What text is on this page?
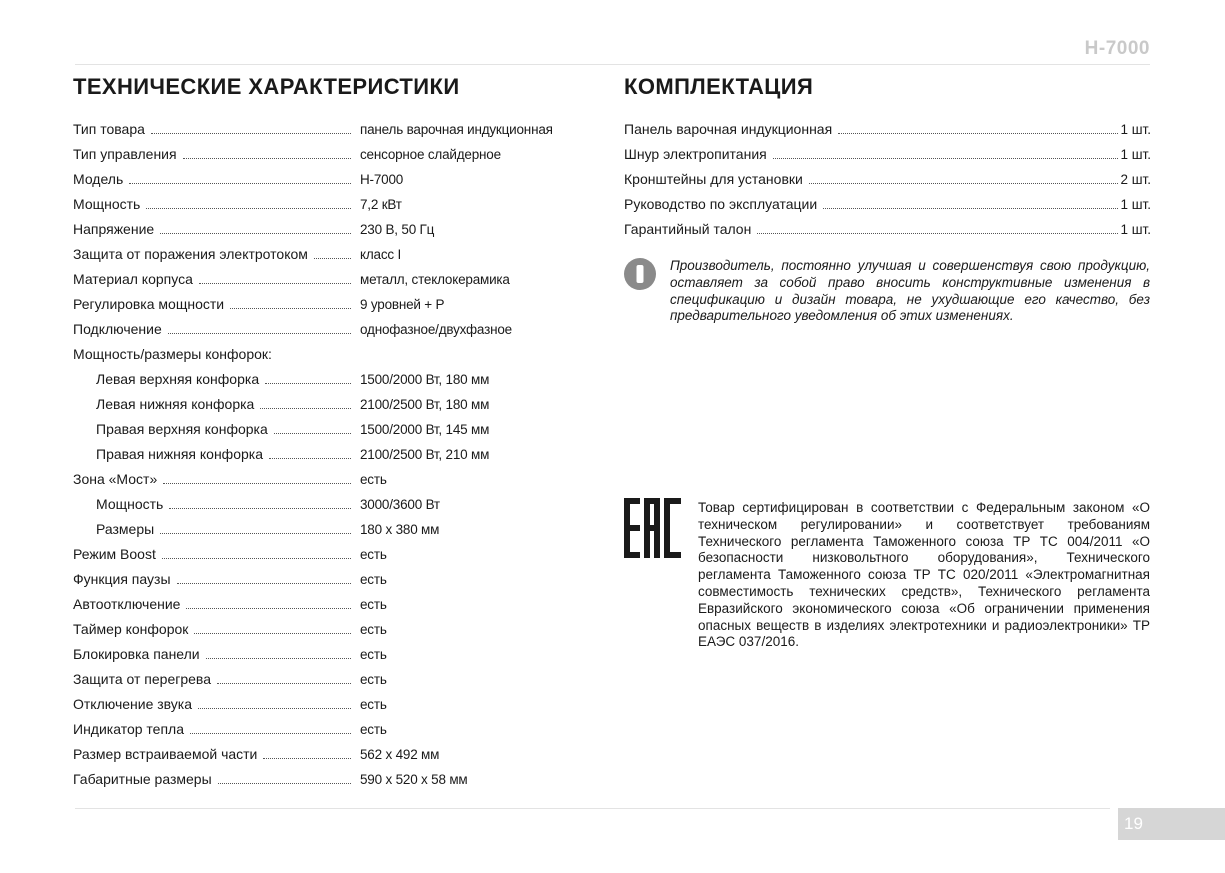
H-7000
ТЕХНИЧЕСКИЕ ХАРАКТЕРИСТИКИ	КОМПЛЕКТАЦИЯ
Тип товара	панель варочная индукционная
Тип управления	сенсорное слайдерное
Модель	H-7000
Мощность	7,2 кВт
Напряжение	230 В, 50 Гц
Защита от поражения электротоком	класс I
Материал корпуса	металл, стеклокерамика
Регулировка мощности	9 уровней + Р
Подключение	однофазное/двухфазное
Мощность/размеры конфорок:
Левая верхняя конфорка	1500/2000 Вт, 180 мм
Левая нижняя конфорка	2100/2500 Вт, 180 мм
Правая верхняя конфорка	1500/2000 Вт, 145 мм
Правая нижняя конфорка	2100/2500 Вт, 210 мм
Зона «Мост»	есть
Мощность	3000/3600 Вт
Размеры	180 x 380 мм
Режим Boost	есть
Функция паузы	есть
Автоотключение	есть
Таймер конфорок	есть
Блокировка панели	есть
Защита от перегрева	есть
Отключение звука	есть
Индикатор тепла	есть
Размер встраиваемой части	562 x 492 мм
Габаритные размеры	590 x 520 x 58 мм
Панель варочная индукционная	1 шт.
Шнур электропитания	1 шт.
Кронштейны для установки	2 шт.
Руководство по эксплуатации	1 шт.
Гарантийный талон	1 шт.
Производитель, постоянно улучшая и совершенствуя свою продукцию, оставляет за собой право вносить конструктивные изменения в спецификацию и дизайн товара, не ухудшающие его качество, без предварительного уведомления об этих изменениях.
Товар сертифицирован в соответствии с Федеральным законом «О техническом регулировании» и соответствует требованиям Технического регламента Таможенного союза ТР ТС 004/2011 «О безопасности низковольтного оборудования», Технического регламента Таможенного союза ТР ТС 020/2011 «Электромагнитная совместимость технических средств», Технического регламента Евразийского экономического союза «Об ограничении применения опасных веществ в изделиях электротехники и радиоэлектроники» ТР ЕАЭС 037/2016.
19
